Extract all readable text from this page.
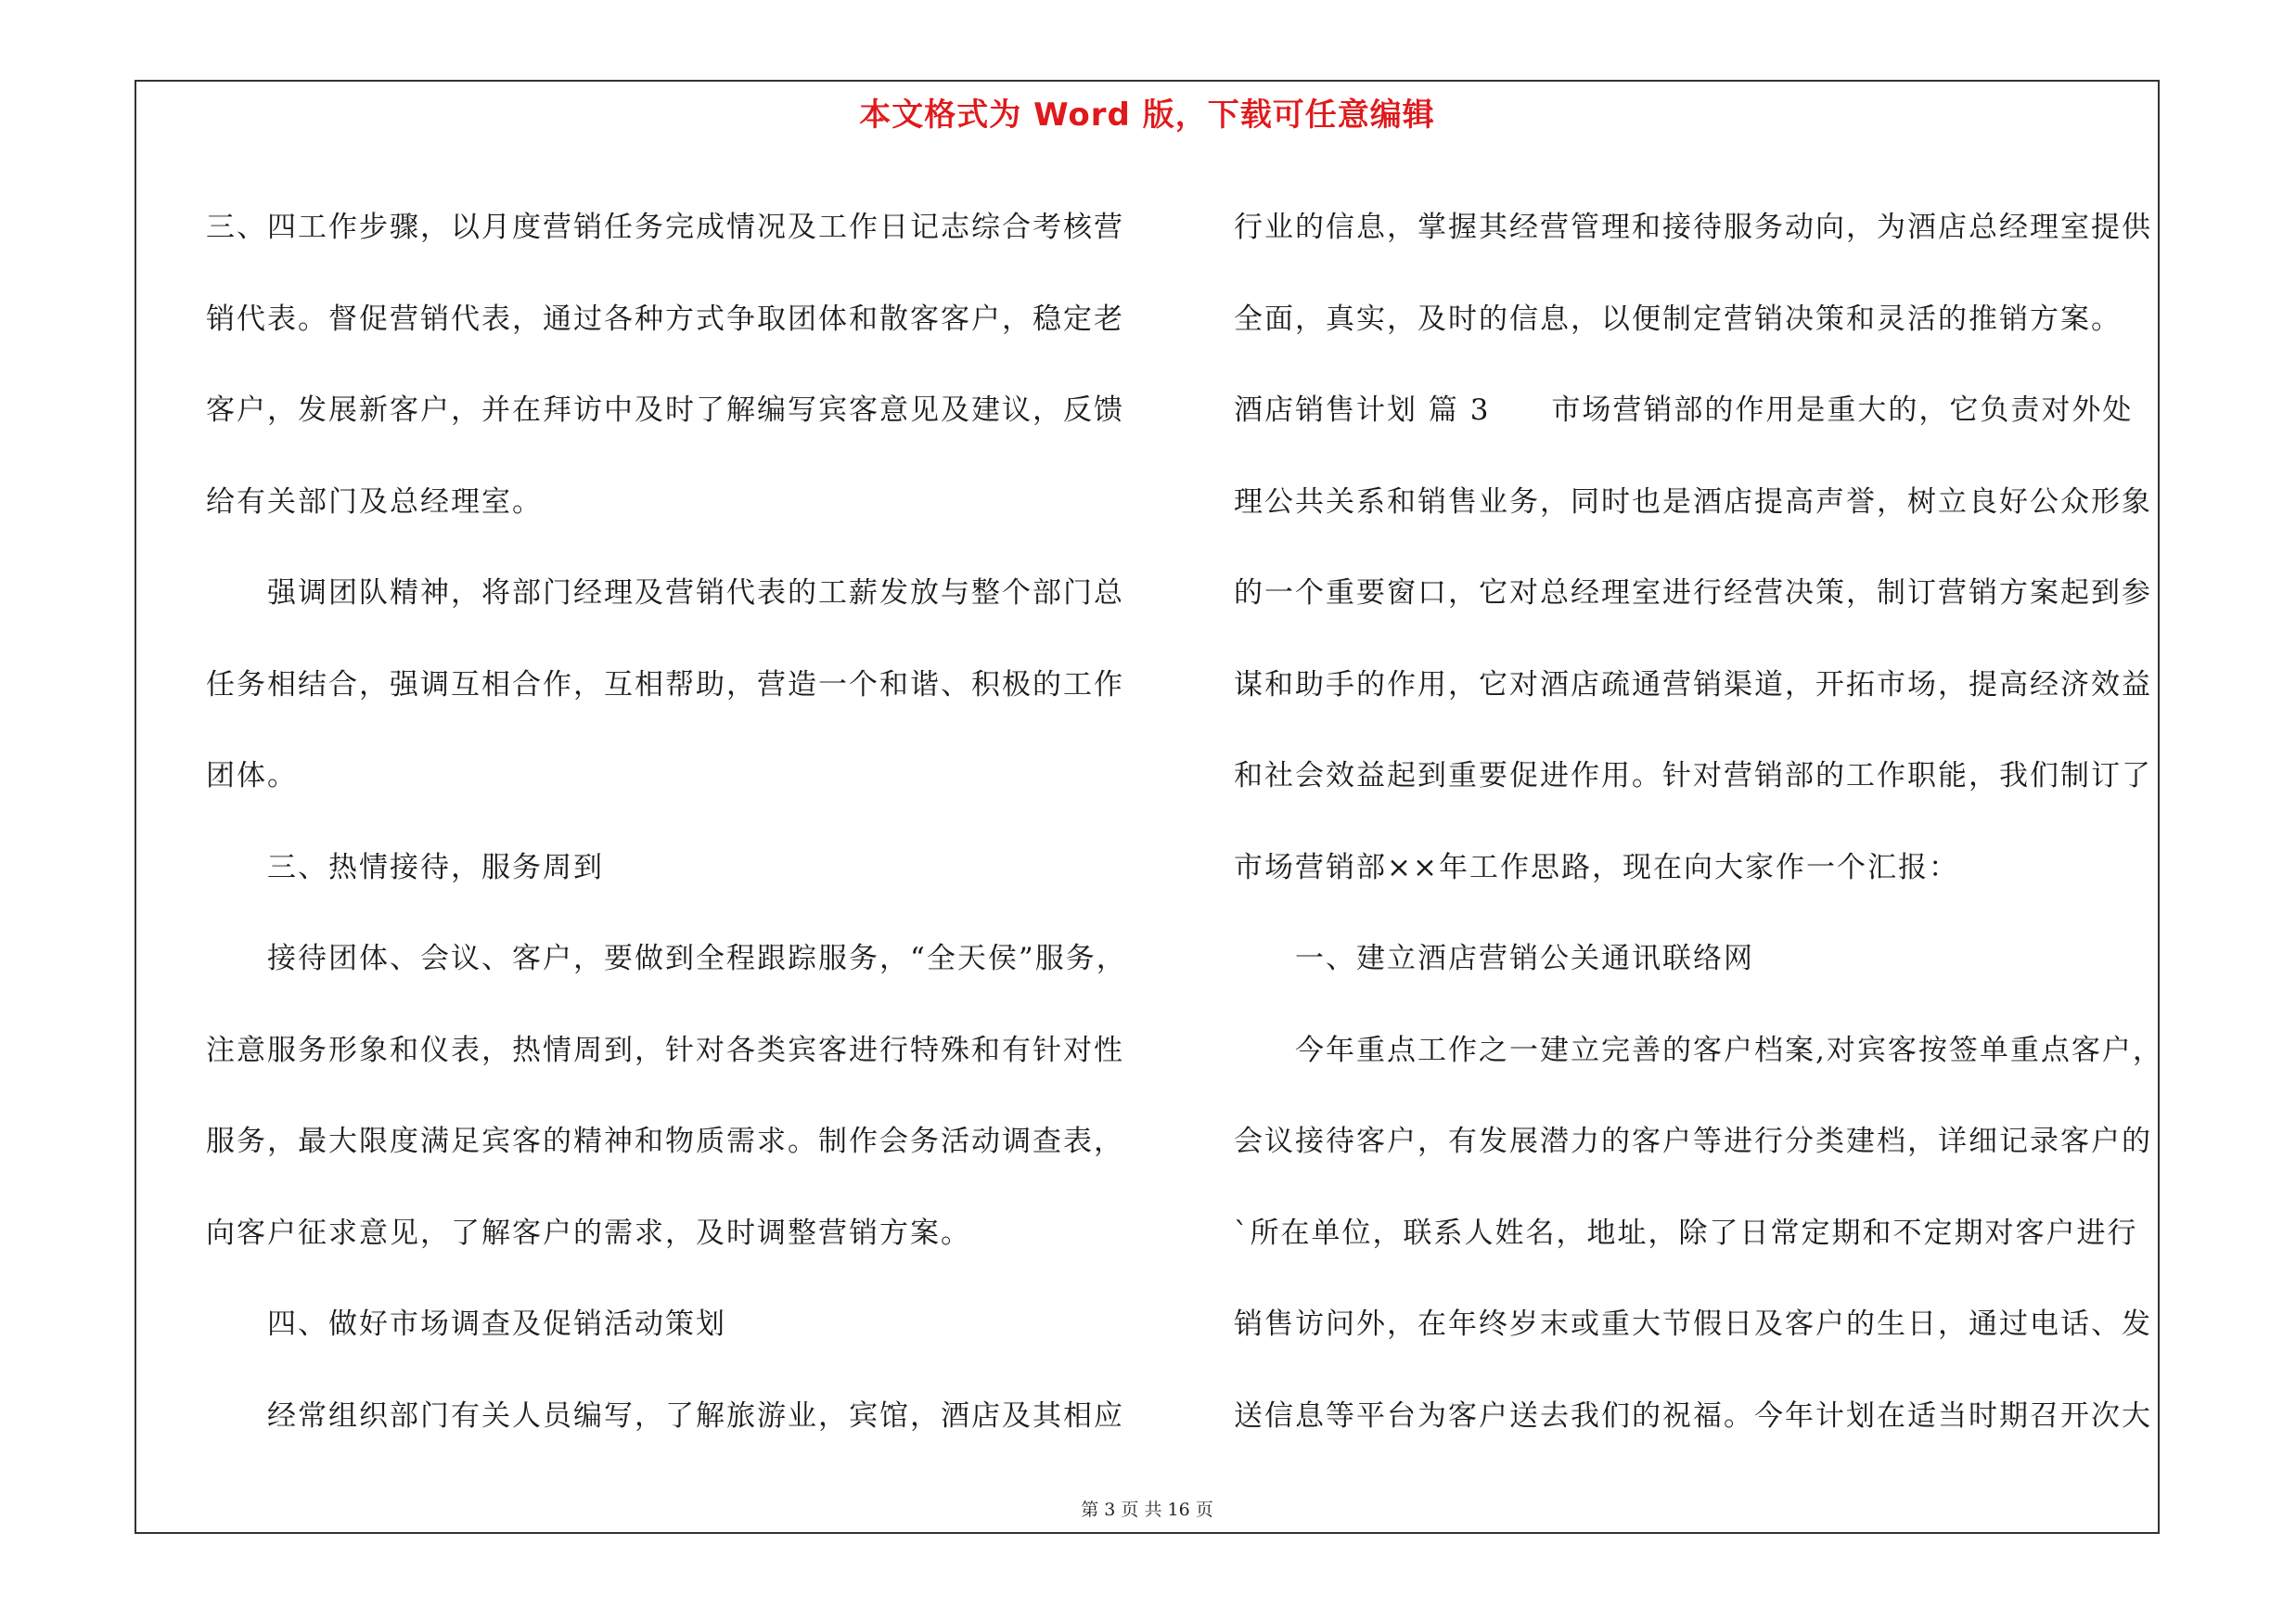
本文格式为 Word 版，下载可任意编辑
三、四工作步骤，以月度营销任务完成情况及工作日记志综合考核营
销代表。督促营销代表，通过各种方式争取团体和散客客户，稳定老
客户，发展新客户，并在拜访中及时了解编写宾客意见及建议，反馈
给有关部门及总经理室。
强调团队精神，将部门经理及营销代表的工薪发放与整个部门总
任务相结合，强调互相合作，互相帮助，营造一个和谐、积极的工作
团体。
三、热情接待，服务周到
接待团体、会议、客户，要做到全程跟踪服务，“全天侯”服务，
注意服务形象和仪表，热情周到，针对各类宾客进行特殊和有针对性
服务，最大限度满足宾客的精神和物质需求。制作会务活动调查表，
向客户征求意见，了解客户的需求，及时调整营销方案。
四、做好市场调查及促销活动策划
经常组织部门有关人员编写，了解旅游业，宾馆，酒店及其相应
行业的信息，掌握其经营管理和接待服务动向，为酒店总经理室提供
全面，真实，及时的信息，以便制定营销决策和灵活的推销方案。
酒店销售计划 篇 3　　市场营销部的作用是重大的，它负责对外处
理公共关系和销售业务，同时也是酒店提高声誉，树立良好公众形象
的一个重要窗口，它对总经理室进行经营决策，制订营销方案起到参
谋和助手的作用，它对酒店疏通营销渠道，开拓市场，提高经济效益
和社会效益起到重要促进作用。针对营销部的工作职能，我们制订了
市场营销部××年工作思路，现在向大家作一个汇报：
一、建立酒店营销公关通讯联络网
今年重点工作之一建立完善的客户档案,对宾客按签单重点客户，
会议接待客户，有发展潜力的客户等进行分类建档，详细记录客户的
`所在单位，联系人姓名，地址，除了日常定期和不定期对客户进行
销售访问外，在年终岁末或重大节假日及客户的生日，通过电话、发
送信息等平台为客户送去我们的祝福。今年计划在适当时期召开次大
第 3 页 共 16 页
